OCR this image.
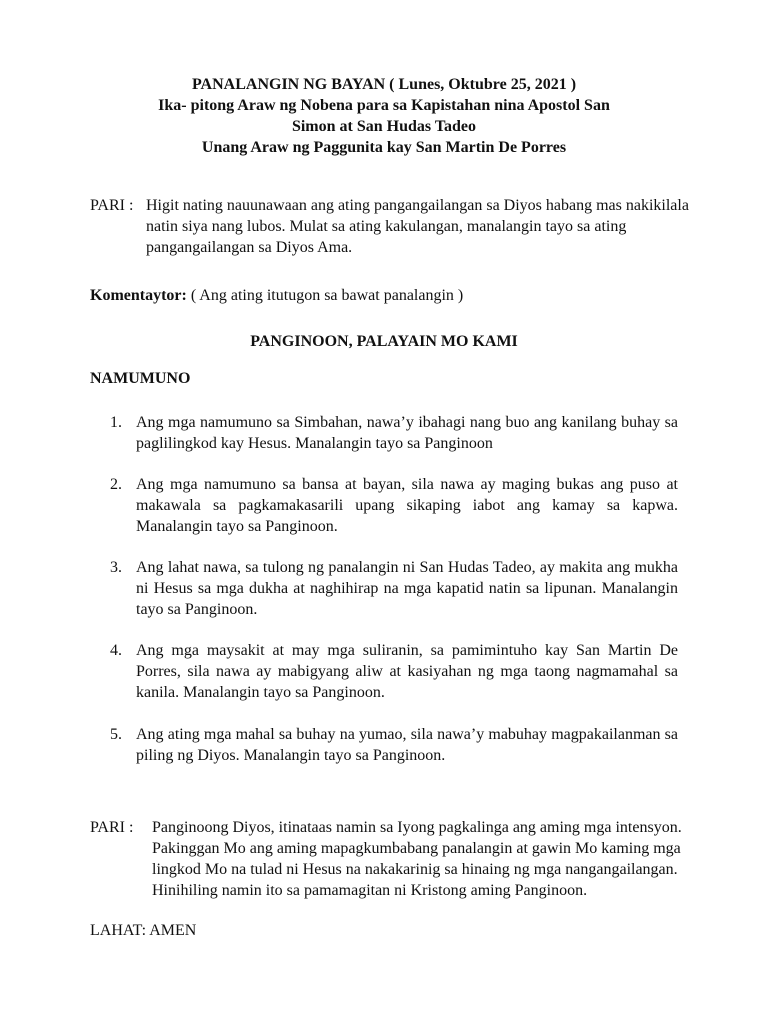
PANALANGIN NG BAYAN ( Lunes, Oktubre 25, 2021 )
Ika- pitong Araw ng Nobena para sa Kapistahan nina Apostol San
Simon at San Hudas Tadeo
Unang Araw ng Paggunita kay San Martin De Porres
PARI : Higit nating nauunawaan ang ating pangangailangan sa Diyos habang mas nakikilala natin siya nang lubos. Mulat sa ating kakulangan, manalangin tayo sa ating pangangailangan sa Diyos Ama.
Komentaytor: ( Ang ating itutugon sa bawat panalangin )
PANGINOON, PALAYAIN MO KAMI
NAMUMUNO
1. Ang mga namumuno sa Simbahan, nawa’y ibahagi nang buo ang kanilang buhay sa paglilingkod kay Hesus. Manalangin tayo sa Panginoon
2. Ang mga namumuno sa bansa at bayan, sila nawa ay maging bukas ang puso at makawala sa pagkamakasarili upang sikaping iabot ang kamay sa kapwa. Manalangin tayo sa Panginoon.
3. Ang lahat nawa, sa tulong ng panalangin ni San Hudas Tadeo, ay makita ang mukha ni Hesus sa mga dukha at naghihirap na mga kapatid natin sa lipunan. Manalangin tayo sa Panginoon.
4. Ang mga maysakit at may mga suliranin, sa pamimintuho kay San Martin De Porres, sila nawa ay mabigyang aliw at kasiyahan ng mga taong nagmamahal sa kanila. Manalangin tayo sa Panginoon.
5. Ang ating mga mahal sa buhay na yumao, sila nawa’y mabuhay magpakailanman sa piling ng Diyos. Manalangin tayo sa Panginoon.
PARI :	Panginoong Diyos, itinataas namin sa Iyong pagkalinga ang aming mga intensyon. Pakinggan Mo ang aming mapagkumbabang panalangin at gawin Mo kaming mga lingkod Mo na tulad ni Hesus na nakakarinig sa hinaing ng mga nangangailangan. Hinihiling namin ito sa pamamagitan ni Kristong aming Panginoon.
LAHAT: AMEN
